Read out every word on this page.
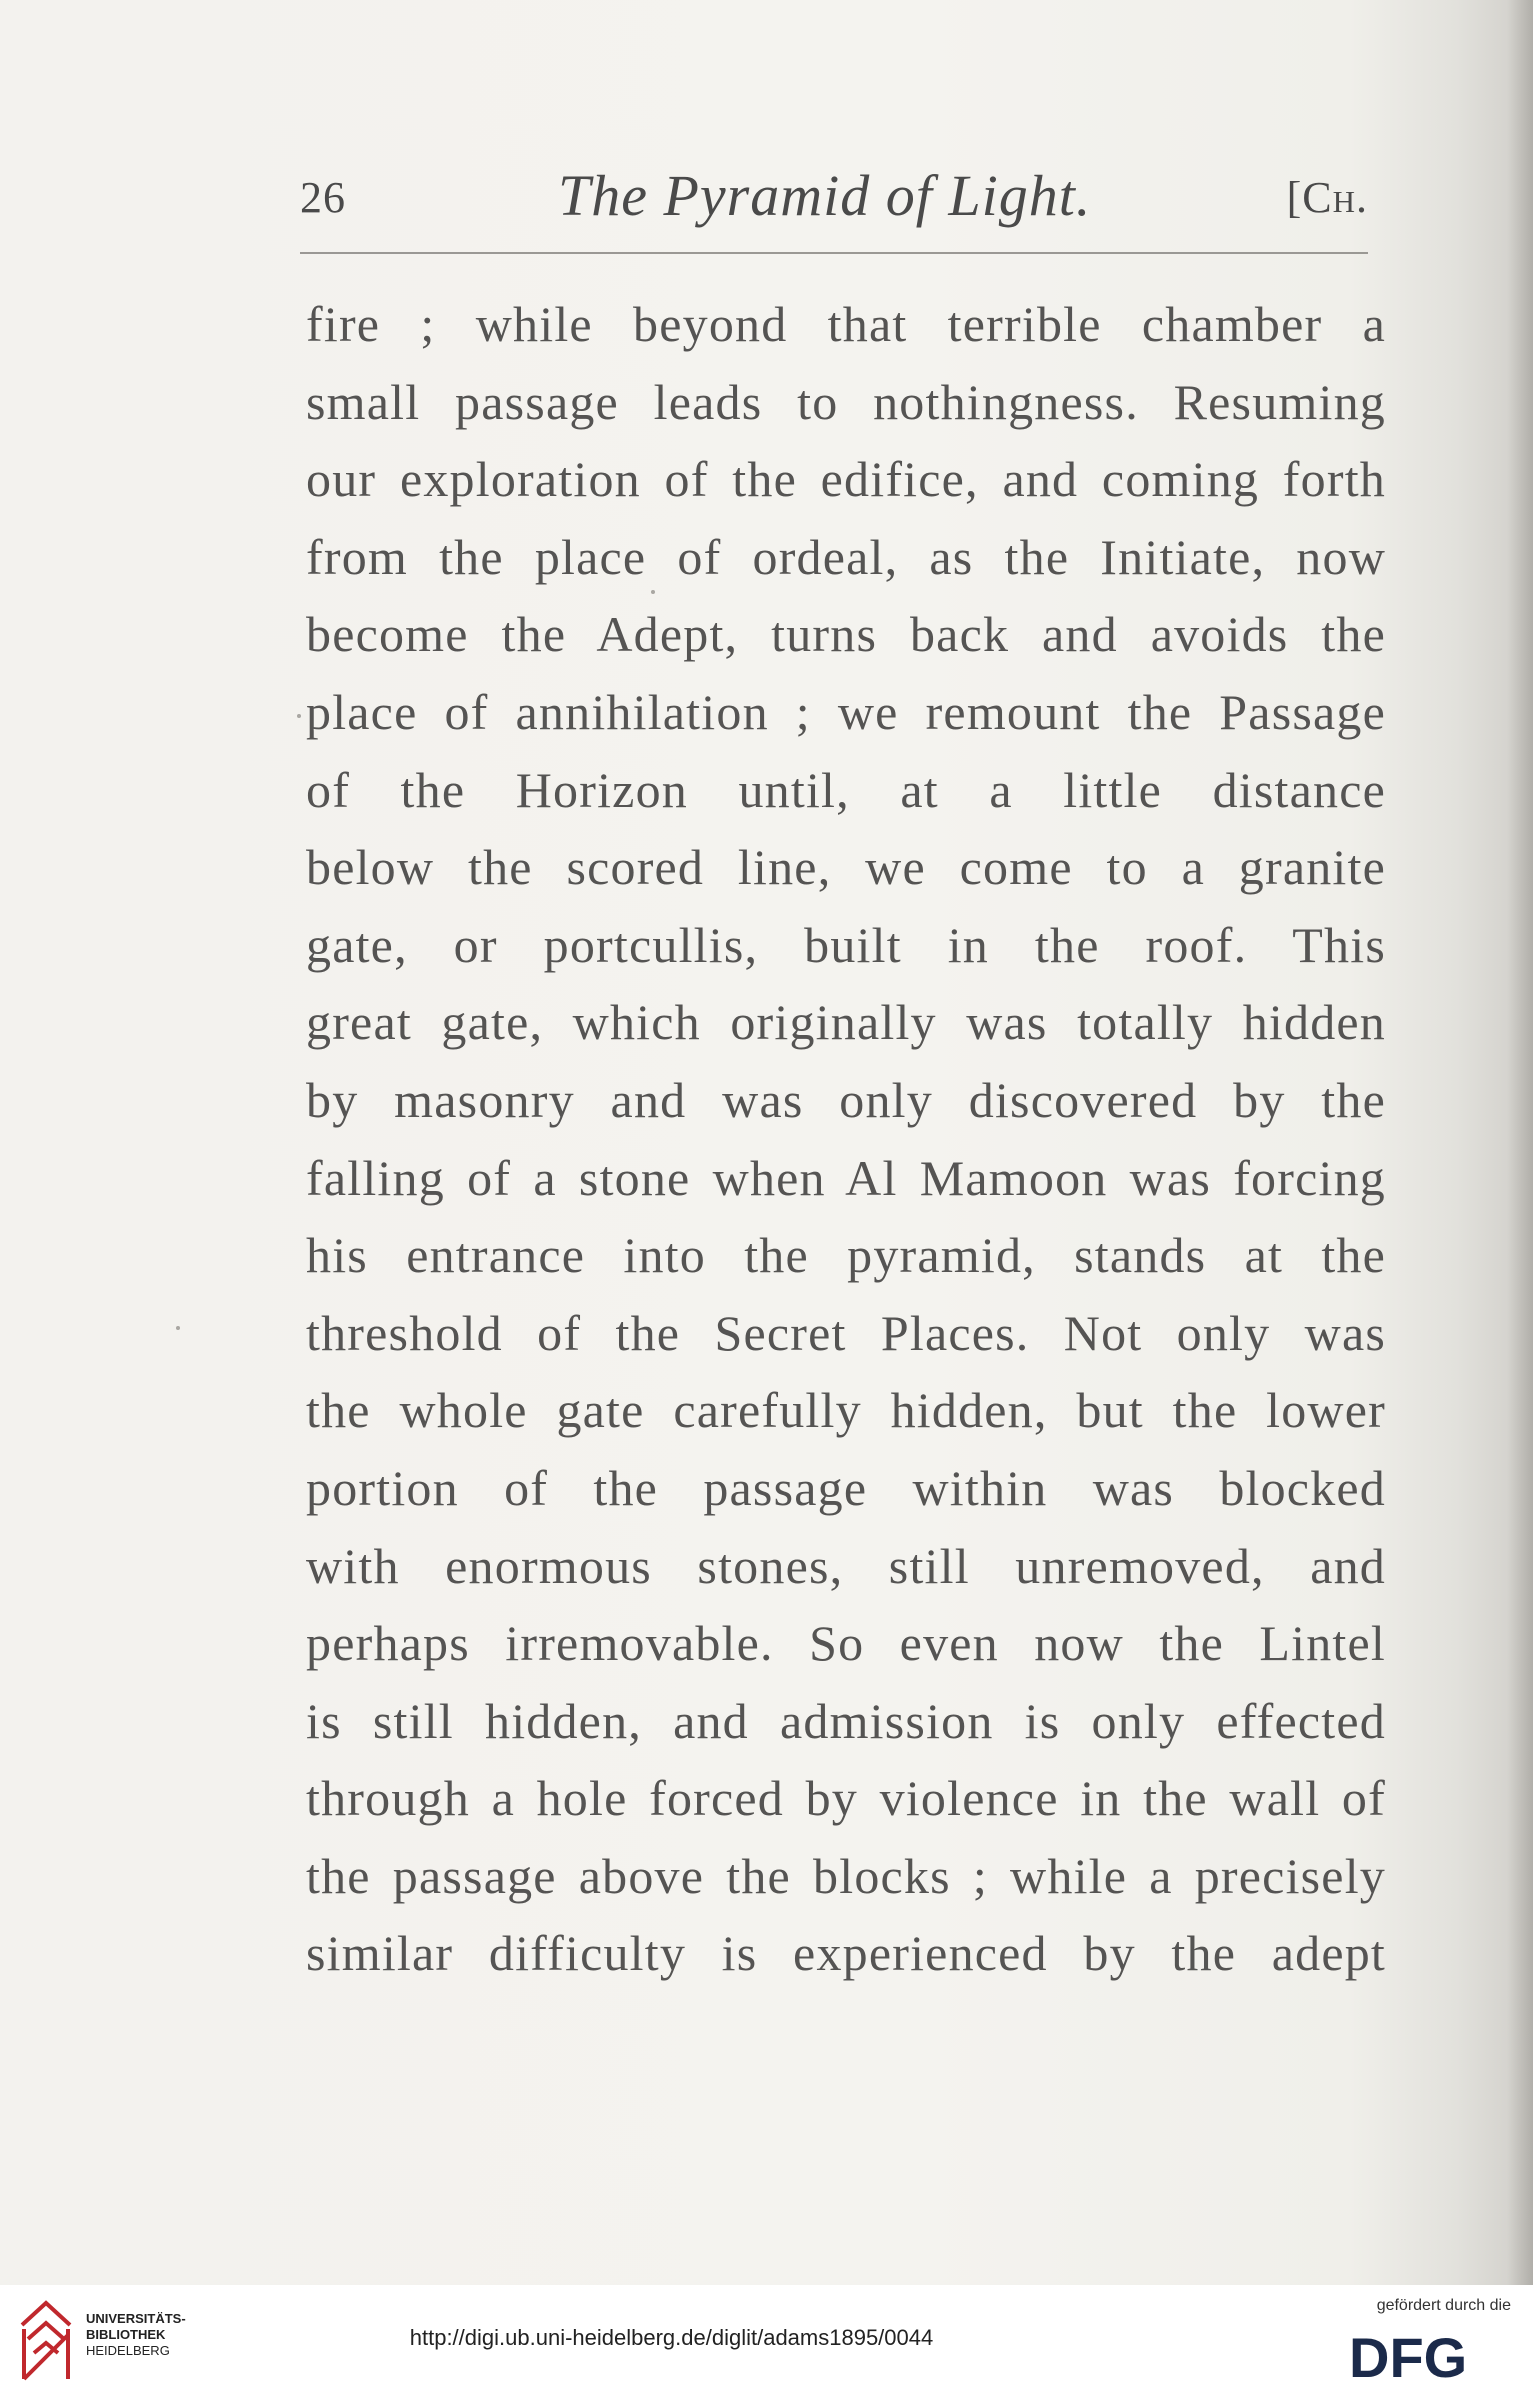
26	The Pyramid of Light.	[Ch.
fire ; while beyond that terrible chamber a
small passage leads to nothingness. Resuming
our exploration of the edifice, and coming forth
from the place of ordeal, as the Initiate, now
become the Adept, turns back and avoids the
place of annihilation ; we remount the Passage
of the Horizon until, at a little distance
below the scored line, we come to a granite
gate, or portcullis, built in the roof. This
great gate, which originally was totally hidden
by masonry and was only discovered by the
falling of a stone when Al Mamoon was forcing
his entrance into the pyramid, stands at the
threshold of the Secret Places. Not only was
the whole gate carefully hidden, but the lower
portion of the passage within was blocked
with enormous stones, still unremoved, and
perhaps irremovable. So even now the Lintel
is still hidden, and admission is only effected
through a hole forced by violence in the wall of
the passage above the blocks ; while a precisely
similar difficulty is experienced by the adept
UNIVERSITÄTS-
BIBLIOTHEK
HEIDELBERG
http://digi.ub.uni-heidelberg.de/diglit/adams1895/0044
gefördert durch die
DFG
